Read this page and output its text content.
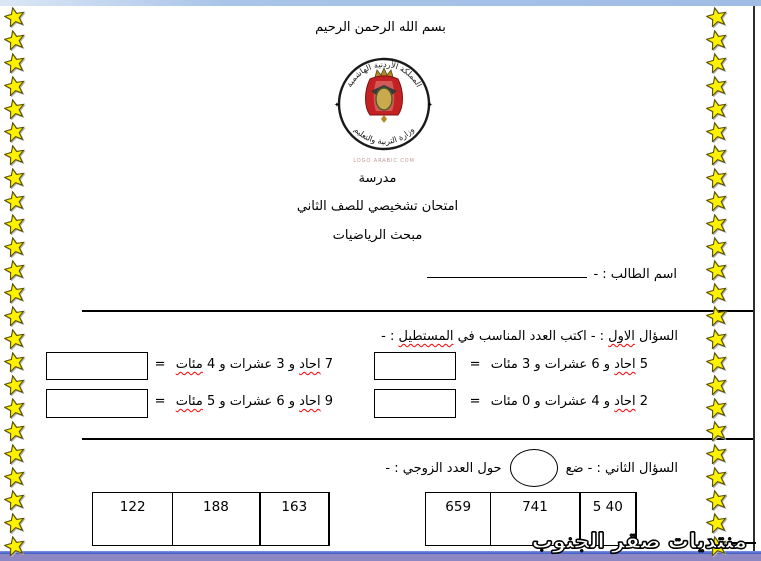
بسم الله الرحمن الرحيم
المملكة الأردنية الهاشمية
وزارة التربية والتعليم
✦	✦
LOGO ARABIC COM
مدرسة
امتحان تشخيصي للصف الثاني
مبحث الرياضيات
اسم الطالب : -
السؤال الاول : - اكتب العدد المناسب في المستطيل : -
5 احاد و 6 عشرات و 3 مئات =
7 احاد و 3 عشرات و 4 مئات =
2 احاد و 4 عشرات و 0 مئات =
9 احاد و 6 عشرات و 5 مئات =
السؤال الثاني : - ضع
حول العدد الزوجي : -
122	188	163	659	741	5 40
منتديات صقر الجنوب
